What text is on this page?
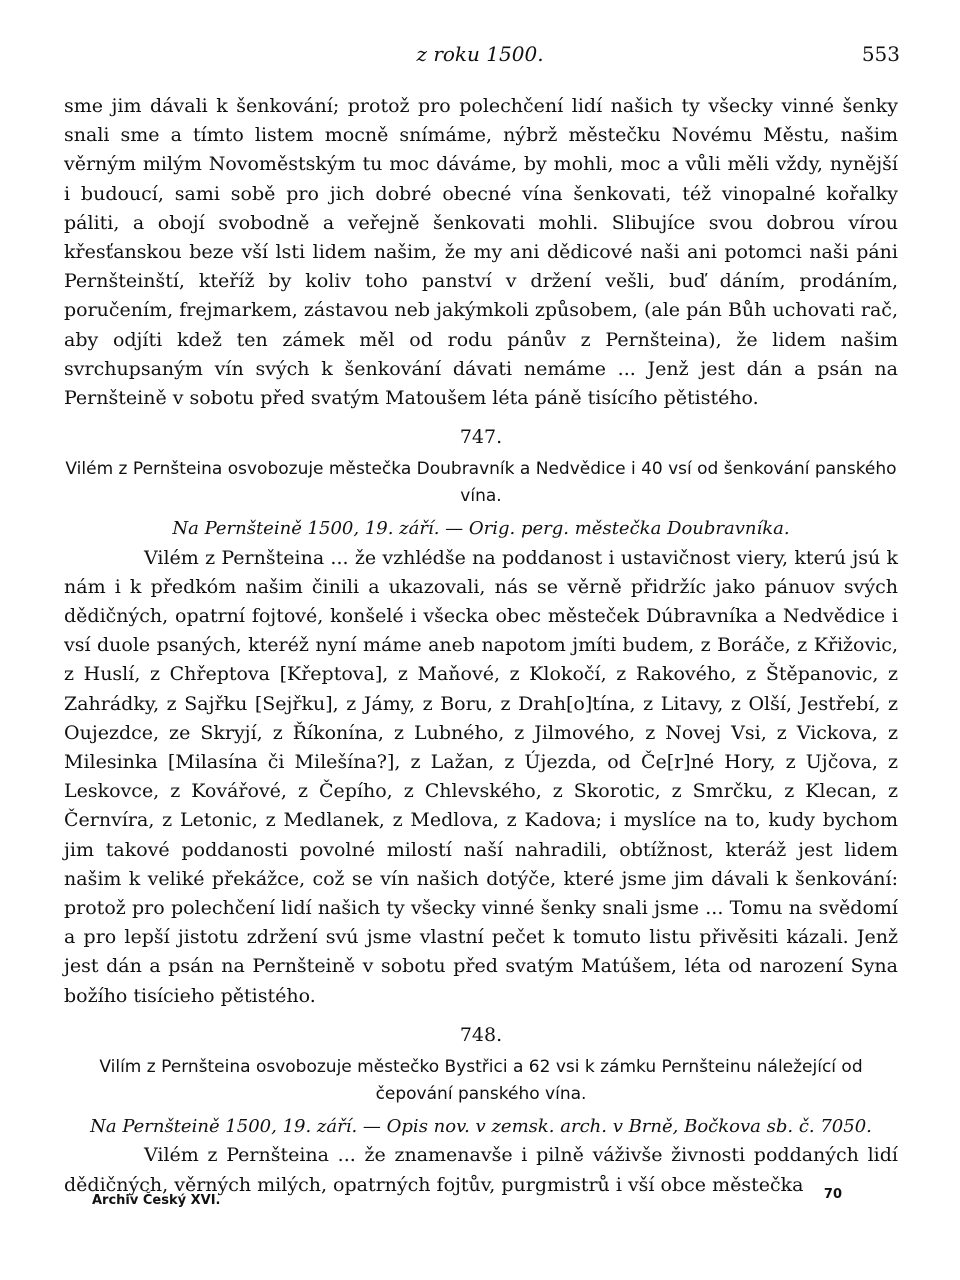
z roku 1500.	553

sme jim dávali k šenkování; protož pro polechčení lidí našich ty všecky vinné šenky snali sme a tímto listem mocně snímáme, nýbrž městečku Novému Městu, našim věrným milým Novoměstským tu moc dáváme, by mohli, moc a vůli měli vždy, nynější i budoucí, sami sobě pro jich dobré obecné vína šenkovati, též vinopalné kořalky páliti, a obojí svobodně a veřejně šenkovati mohli. Slibujíce svou dobrou vírou křesťanskou beze vší lsti lidem našim, že my ani dědicové naši ani potomci naši páni Pernšteinští, kteříž by koliv toho panství v držení vešli, buď dáním, prodáním, poručením, frejmarkem, zástavou neb jakýmkoli způsobem, (ale pán Bůh uchovati rač, aby odjíti kdež ten zámek měl od rodu pánův z Pernšteina), že lidem našim svrchupsaným vín svých k šenkování dávati nemáme ... Jenž jest dán a psán na Pernšteině v sobotu před svatým Matoušem léta páně tisícího pětistého.

747.

Vilém z Pernšteina osvobozuje městečka Doubravník a Nedvědice i 40 vsí od šenkování panského vína.

Na Pernšteině 1500, 19. září. — Orig. perg. městečka Doubravníka.

Vilém z Pernšteina ... že vzhlédše na poddanost i ustavičnost viery, kterú jsú k nám i k předkóm našim činili a ukazovali, nás se věrně přidržíc jako pánuov svých dědičných, opatrní fojtové, konšelé i všecka obec městeček Dúbravníka a Nedvědice i vsí duole psaných, kteréž nyní máme aneb napotom jmíti budem, z Boráče, z Křižovic, z Huslí, z Chřeptova [Křeptova], z Maňové, z Klokočí, z Rakového, z Štěpanovic, z Zahrádky, z Sajřku [Sejřku], z Jámy, z Boru, z Drah[o]tína, z Litavy, z Olší, Jestřebí, z Oujezdce, ze Skryjí, z Říkonína, z Lubného, z Jilmového, z Novej Vsi, z Vickova, z Milesinka [Milasína či Milešína?], z Lažan, z Újezda, od Če[r]né Hory, z Ujčova, z Leskovce, z Kovářové, z Čepího, z Chlevského, z Skorotic, z Smrčku, z Klecan, z Černvíra, z Letonic, z Medlanek, z Medlova, z Kadova; i myslíce na to, kudy bychom jim takové poddanosti povolné milostí naší nahradili, obtížnost, kteráž jest lidem našim k veliké překážce, což se vín našich dotýče, které jsme jim dávali k šenkování: protož pro polechčení lidí našich ty všecky vinné šenky snali jsme ... Tomu na svědomí a pro lepší jistotu zdržení svú jsme vlastní pečet k tomuto listu přivěsiti kázali. Jenž jest dán a psán na Pernšteině v sobotu před svatým Matúšem, léta od narození Syna božího tisícieho pětistého.

748.

Vilím z Pernšteina osvobozuje městečko Bystřici a 62 vsi k zámku Pernšteinu náležející od čepování panského vína.

Na Pernšteině 1500, 19. září. — Opis nov. v zemsk. arch. v Brně, Bočkova sb. č. 7050.

Vilém z Pernšteina ... že znamenavše i pilně váživše živnosti poddaných lidí dědičných, věrných milých, opatrných fojtův, purgmistrů i vší obce městečka

Archiv Český XVI.	70
